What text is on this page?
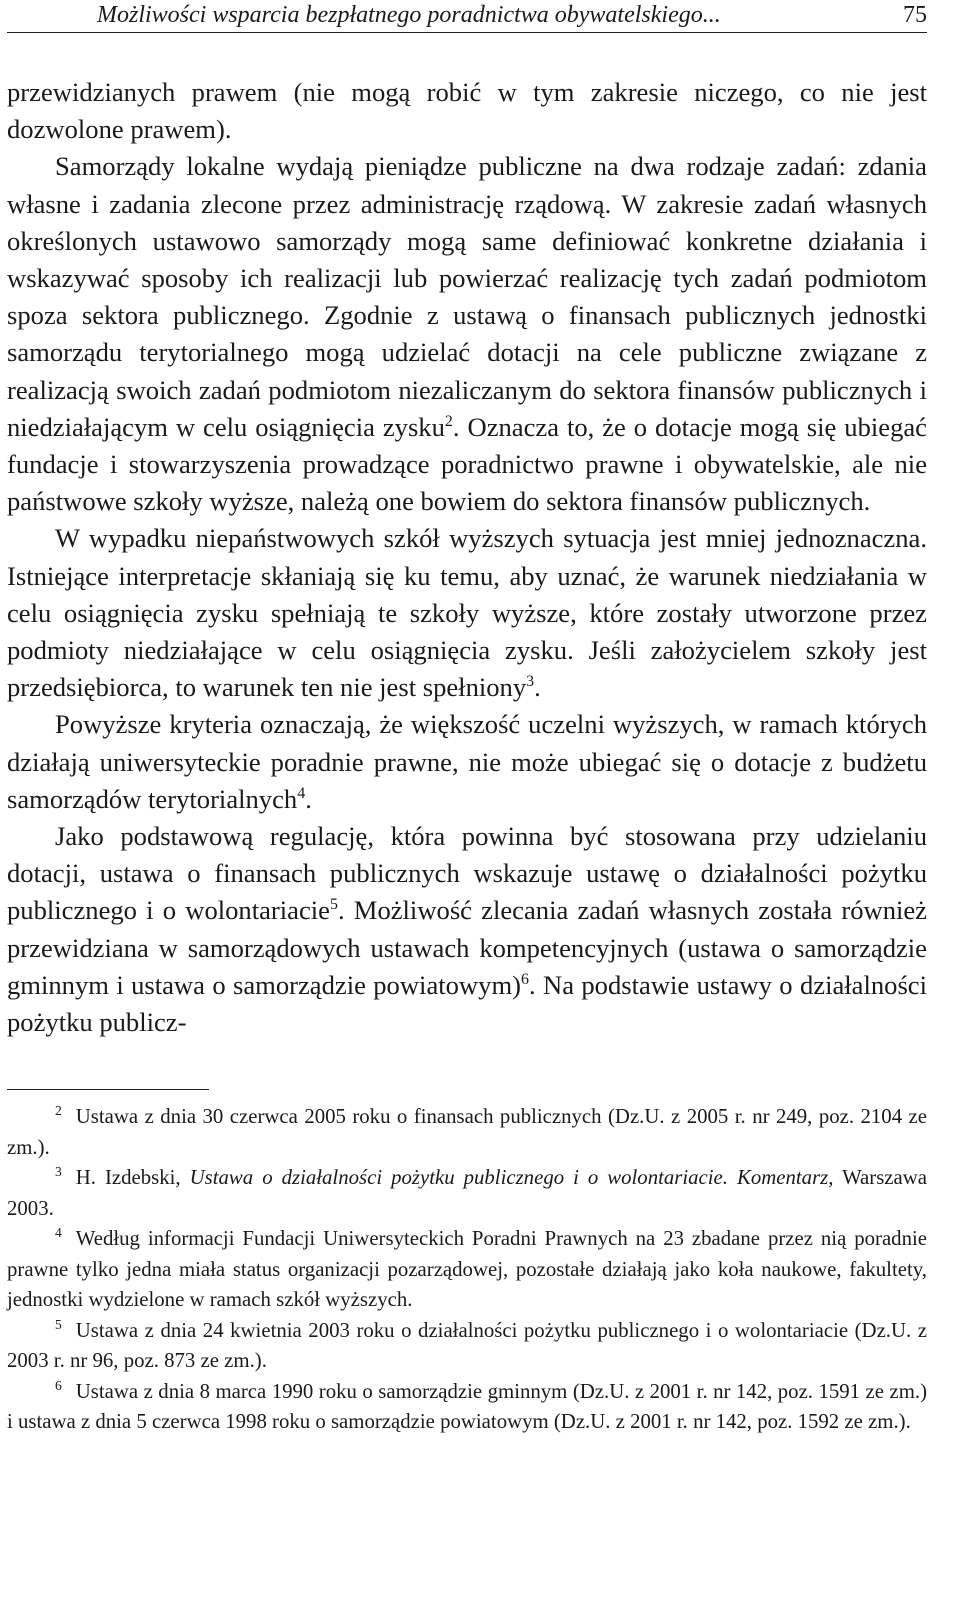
Możliwości wsparcia bezpłatnego poradnictwa obywatelskiego...	75

przewidzianych prawem (nie mogą robić w tym zakresie niczego, co nie jest dozwolone prawem).

Samorządy lokalne wydają pieniądze publiczne na dwa rodzaje zadań: zdania własne i zadania zlecone przez administrację rządową. W zakresie zadań własnych określonych ustawowo samorządy mogą same definiować konkretne działania i wskazywać sposoby ich realizacji lub powierzać realizację tych zadań podmiotom spoza sektora publicznego. Zgodnie z ustawą o finansach publicznych jednostki samorządu terytorialnego mogą udzielać dotacji na cele publiczne związane z realizacją swoich zadań podmiotom niezaliczanym do sektora finansów publicznych i niedziałającym w celu osiągnięcia zysku$^2$. Oznacza to, że o dotacje mogą się ubiegać fundacje i stowarzyszenia prowadzące poradnictwo prawne i obywatelskie, ale nie państwowe szkoły wyższe, należą one bowiem do sektora finansów publicznych.

W wypadku niepaństwowych szkół wyższych sytuacja jest mniej jednoznaczna. Istniejące interpretacje skłaniają się ku temu, aby uznać, że warunek niedziałania w celu osiągnięcia zysku spełniają te szkoły wyższe, które zostały utworzone przez podmioty niedziałające w celu osiągnięcia zysku. Jeśli założycielem szkoły jest przedsiębiorca, to warunek ten nie jest spełniony$^3$.

Powyższe kryteria oznaczają, że większość uczelni wyższych, w ramach których działają uniwersyteckie poradnie prawne, nie może ubiegać się o dotacje z budżetu samorządów terytorialnych$^4$.

Jako podstawową regulację, która powinna być stosowana przy udzielaniu dotacji, ustawa o finansach publicznych wskazuje ustawę o działalności pożytku publicznego i o wolontariacie$^5$. Możliwość zlecania zadań własnych została również przewidziana w samorządowych ustawach kompetencyjnych (ustawa o samorządzie gminnym i ustawa o samorządzie powiatowym)$^6$. Na podstawie ustawy o działalności pożytku publicz-

$^2$ Ustawa z dnia 30 czerwca 2005 roku o finansach publicznych (Dz.U. z 2005 r. nr 249, poz. 2104 ze zm.).

$^3$ H. Izdebski, Ustawa o działalności pożytku publicznego i o wolontariacie. Komentarz, Warszawa 2003.

$^4$ Według informacji Fundacji Uniwersyteckich Poradni Prawnych na 23 zbadane przez nią poradnie prawne tylko jedna miała status organizacji pozarządowej, pozostałe działają jako koła naukowe, fakultety, jednostki wydzielone w ramach szkół wyższych.

$^5$ Ustawa z dnia 24 kwietnia 2003 roku o działalności pożytku publicznego i o wolontariacie (Dz.U. z 2003 r. nr 96, poz. 873 ze zm.).

$^6$ Ustawa z dnia 8 marca 1990 roku o samorządzie gminnym (Dz.U. z 2001 r. nr 142, poz. 1591 ze zm.) i ustawa z dnia 5 czerwca 1998 roku o samorządzie powiatowym (Dz.U. z 2001 r. nr 142, poz. 1592 ze zm.).
